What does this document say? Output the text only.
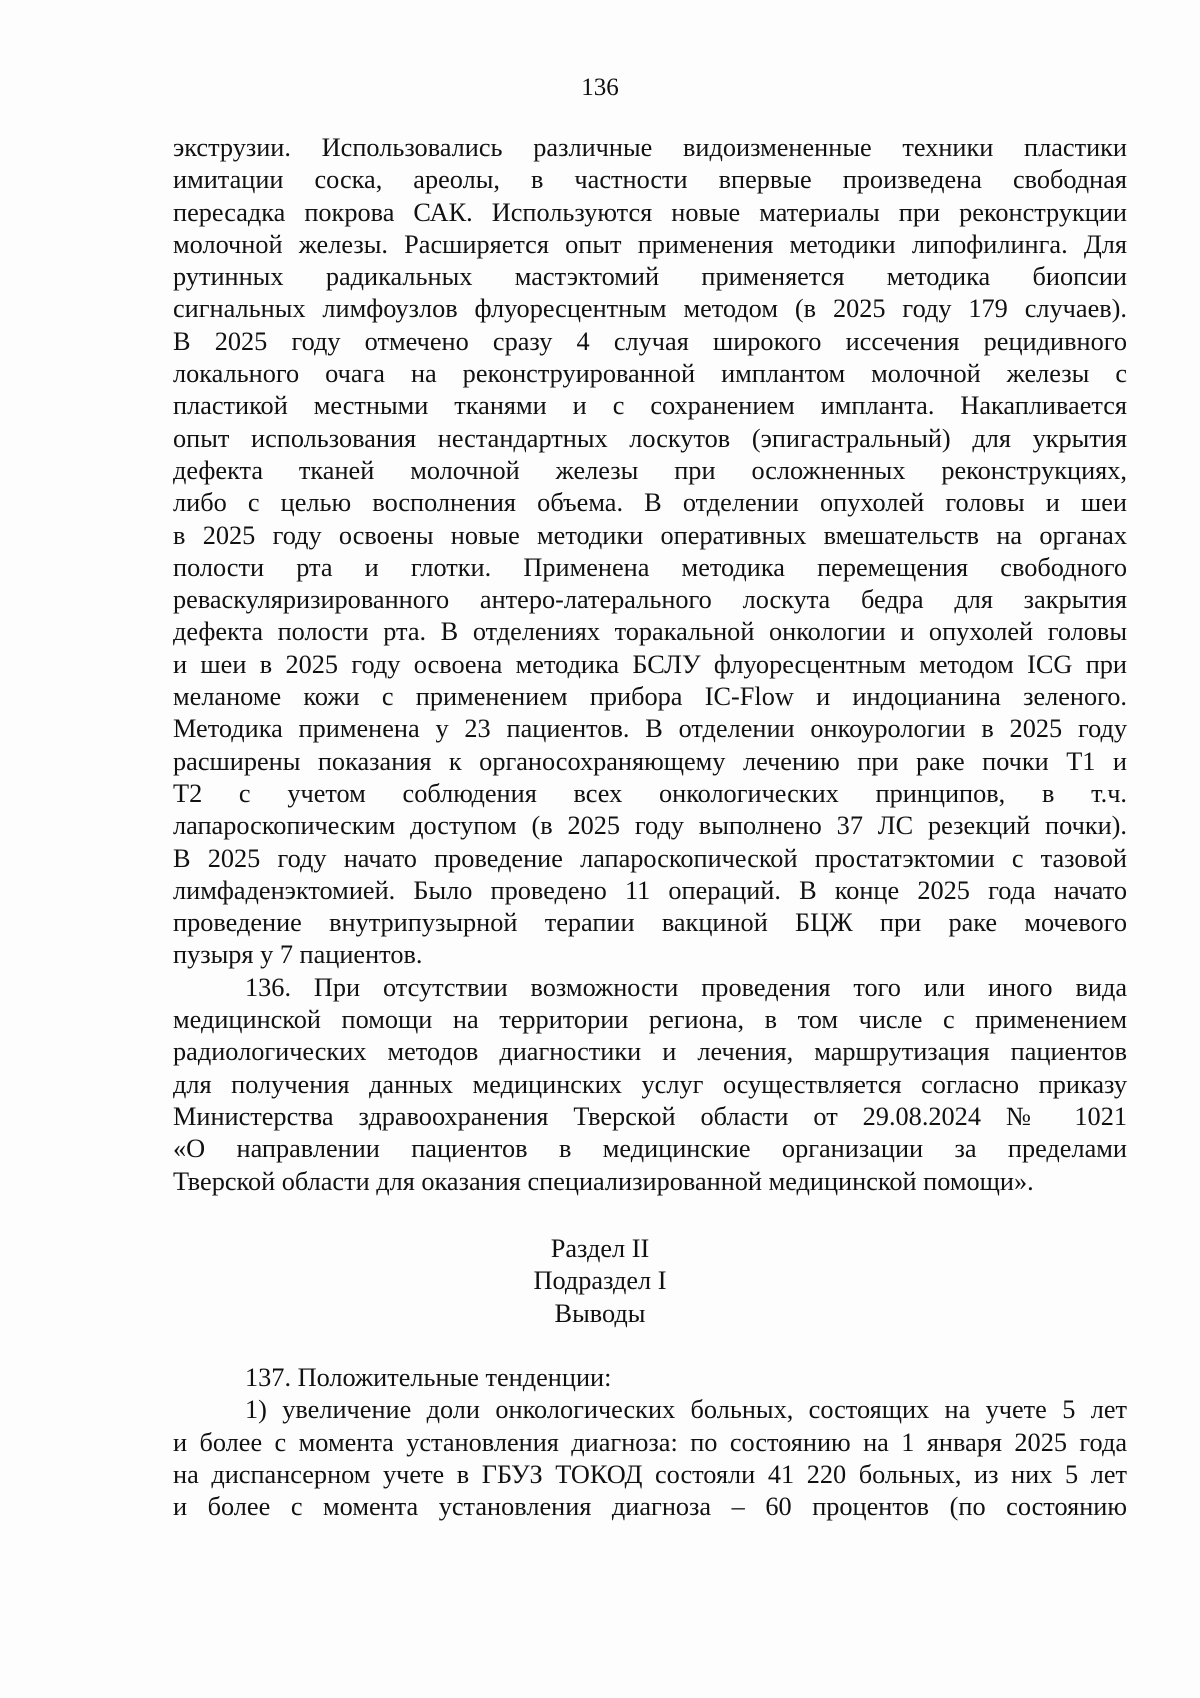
136
экструзии. Использовались различные видоизмененные техники пластики
имитации соска, ареолы, в частности впервые произведена свободная
пересадка покрова САК. Используются новые материалы при реконструкции
молочной железы. Расширяется опыт применения методики липофилинга. Для
рутинных радикальных мастэктомий применяется методика биопсии
сигнальных лимфоузлов флуоресцентным методом (в 2025 году 179 случаев).
В 2025 году отмечено сразу 4 случая широкого иссечения рецидивного
локального очага на реконструированной имплантом молочной железы с
пластикой местными тканями и с сохранением импланта. Накапливается
опыт использования нестандартных лоскутов (эпигастральный) для укрытия
дефекта тканей молочной железы при осложненных реконструкциях,
либо с целью восполнения объема. В отделении опухолей головы и шеи
в 2025 году освоены новые методики оперативных вмешательств на органах
полости рта и глотки. Применена методика перемещения свободного
реваскуляризированного антеро-латерального лоскута бедра для закрытия
дефекта полости рта. В отделениях торакальной онкологии и опухолей головы
и шеи в 2025 году освоена методика БСЛУ флуоресцентным методом ICG при
меланоме кожи с применением прибора IC-Flow и индоцианина зеленого.
Методика применена у 23 пациентов. В отделении онкоурологии в 2025 году
расширены показания к органосохраняющему лечению при раке почки Т1 и
Т2 с учетом соблюдения всех онкологических принципов, в т.ч.
лапароскопическим доступом (в 2025 году выполнено 37 ЛС резекций почки).
В 2025 году начато проведение лапароскопической простатэктомии с тазовой
лимфаденэктомией. Было проведено 11 операций. В конце 2025 года начато
проведение внутрипузырной терапии вакциной БЦЖ при раке мочевого
пузыря у 7 пациентов.
136. При отсутствии возможности проведения того или иного вида
медицинской помощи на территории региона, в том числе с применением
радиологических методов диагностики и лечения, маршрутизация пациентов
для получения данных медицинских услуг осуществляется согласно приказу
Министерства здравоохранения Тверской области от 29.08.2024 № 1021
«О направлении пациентов в медицинские организации за пределами
Тверской области для оказания специализированной медицинской помощи».
Раздел II
Подраздел I
Выводы
137. Положительные тенденции:
1) увеличение доли онкологических больных, состоящих на учете 5 лет
и более с момента установления диагноза: по состоянию на 1 января 2025 года
на диспансерном учете в ГБУЗ ТОКОД состояли 41 220 больных, из них 5 лет
и более с момента установления диагноза – 60 процентов (по состоянию
